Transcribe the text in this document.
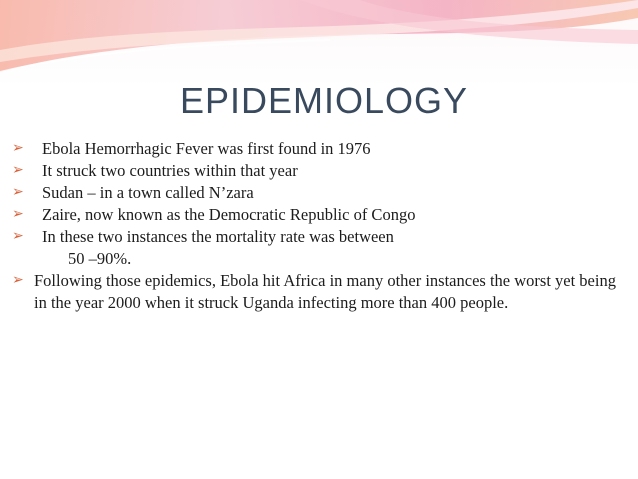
EPIDEMIOLOGY
➢	Ebola Hemorrhagic Fever was first found in 1976
➢	It struck two countries within that year
➢	Sudan – in a town called N’zara
➢	Zaire, now known as the Democratic Republic of Congo
➢	In these two instances the mortality rate was between
50 –90%.
➢ Following those epidemics, Ebola hit Africa in many other instances the worst yet being in the year 2000 when it struck Uganda infecting more than 400 people.
